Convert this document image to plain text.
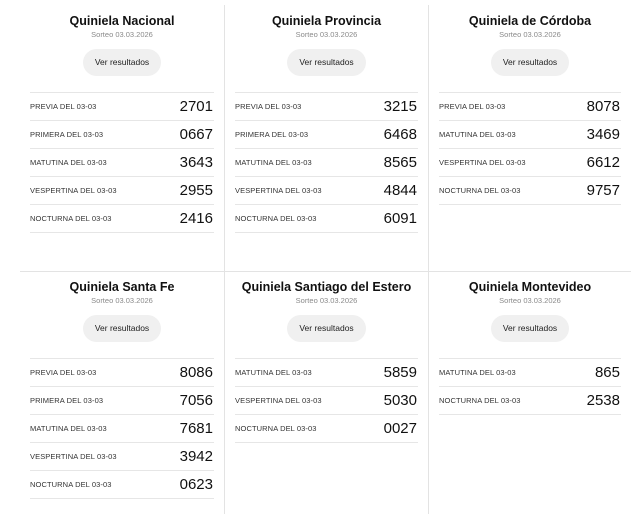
Quiniela Nacional
Sorteo 03.03.2026
Ver resultados
PREVIA DEL 03-03	2701
PRIMERA DEL 03-03	0667
MATUTINA DEL 03-03	3643
VESPERTINA DEL 03-03	2955
NOCTURNA DEL 03-03	2416
Quiniela Provincia
Sorteo 03.03.2026
Ver resultados
PREVIA DEL 03-03	3215
PRIMERA DEL 03-03	6468
MATUTINA DEL 03-03	8565
VESPERTINA DEL 03-03	4844
NOCTURNA DEL 03-03	6091
Quiniela de Córdoba
Sorteo 03.03.2026
Ver resultados
PREVIA DEL 03-03	8078
MATUTINA DEL 03-03	3469
VESPERTINA DEL 03-03	6612
NOCTURNA DEL 03-03	9757
Quiniela Santa Fe
Sorteo 03.03.2026
Ver resultados
PREVIA DEL 03-03	8086
PRIMERA DEL 03-03	7056
MATUTINA DEL 03-03	7681
VESPERTINA DEL 03-03	3942
NOCTURNA DEL 03-03	0623
Quiniela Santiago del Estero
Sorteo 03.03.2026
Ver resultados
MATUTINA DEL 03-03	5859
VESPERTINA DEL 03-03	5030
NOCTURNA DEL 03-03	0027
Quiniela Montevideo
Sorteo 03.03.2026
Ver resultados
MATUTINA DEL 03-03	865
NOCTURNA DEL 03-03	2538
